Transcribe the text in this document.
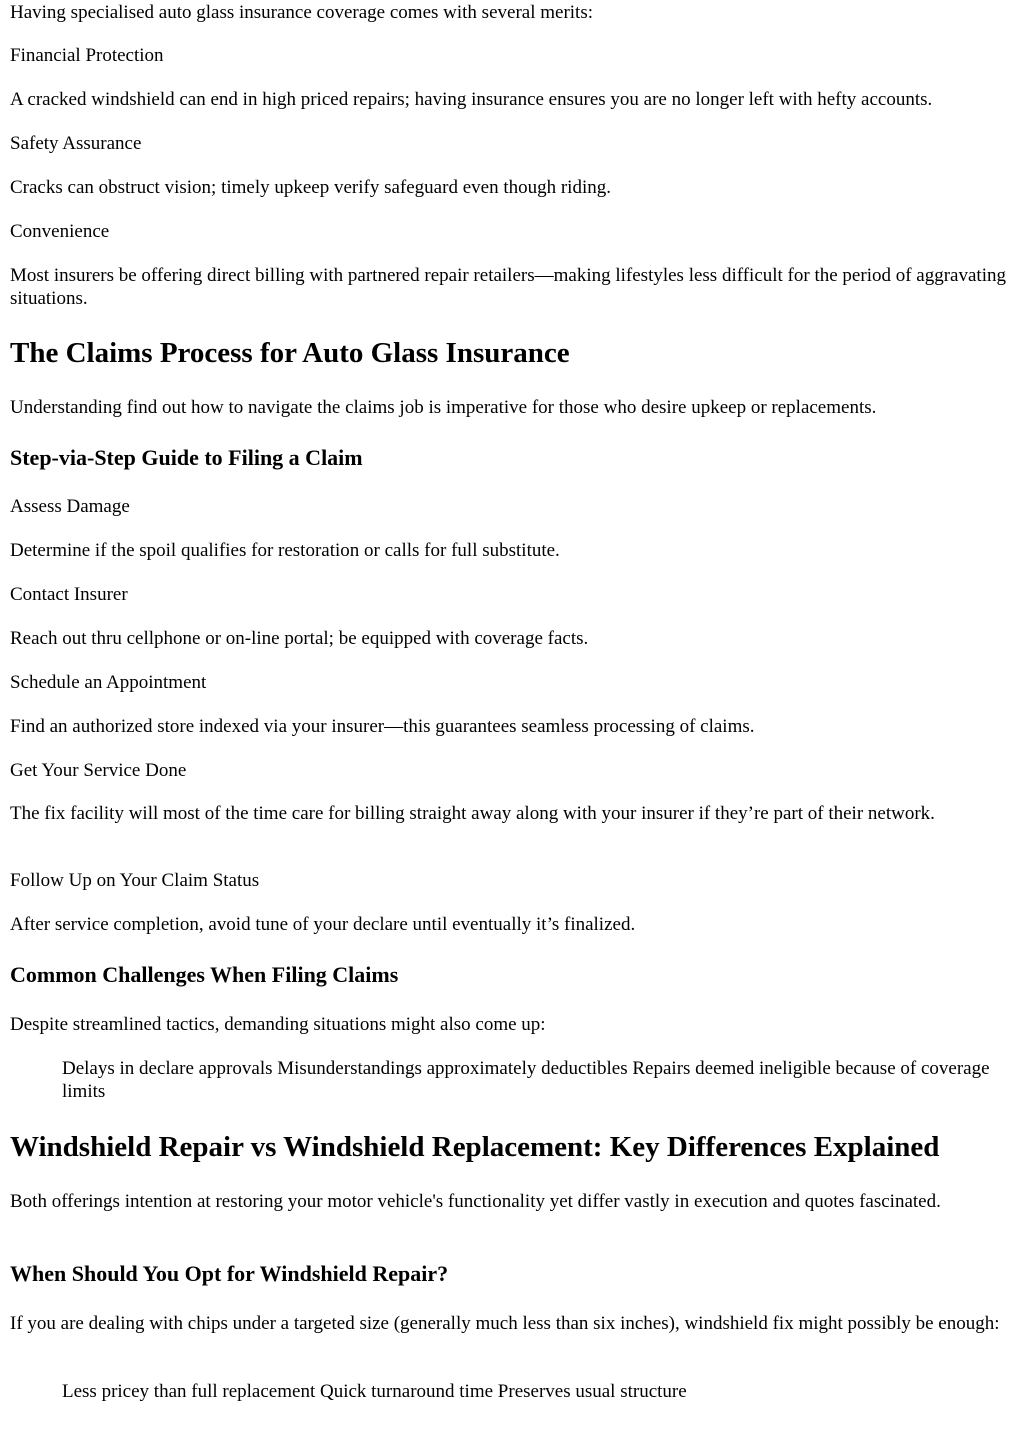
Having specialised auto glass insurance coverage comes with several merits:

Financial Protection

A cracked windshield can end in high priced repairs; having insurance ensures you are no longer left with hefty accounts.

Safety Assurance

Cracks can obstruct vision; timely upkeep verify safeguard even though riding.

Convenience

Most insurers be offering direct billing with partnered repair retailers—making lifestyles less difficult for the period of aggravating situations.

The Claims Process for Auto Glass Insurance

Understanding find out how to navigate the claims job is imperative for those who desire upkeep or replacements.

Step-via-Step Guide to Filing a Claim

Assess Damage

Determine if the spoil qualifies for restoration or calls for full substitute.

Contact Insurer

Reach out thru cellphone or on-line portal; be equipped with coverage facts.

Schedule an Appointment

Find an authorized store indexed via your insurer—this guarantees seamless processing of claims.

Get Your Service Done

The fix facility will most of the time care for billing straight away along with your insurer if they’re part of their network.

Follow Up on Your Claim Status

After service completion, avoid tune of your declare until eventually it’s finalized.

Common Challenges When Filing Claims

Despite streamlined tactics, demanding situations might also come up:

Delays in declare approvals Misunderstandings approximately deductibles Repairs deemed ineligible because of coverage limits

Windshield Repair vs Windshield Replacement: Key Differences Explained

Both offerings intention at restoring your motor vehicle's functionality yet differ vastly in execution and quotes fascinated.

When Should You Opt for Windshield Repair?

If you are dealing with chips under a targeted size (generally much less than six inches), windshield fix might possibly be enough:

Less pricey than full replacement Quick turnaround time Preserves usual structure
